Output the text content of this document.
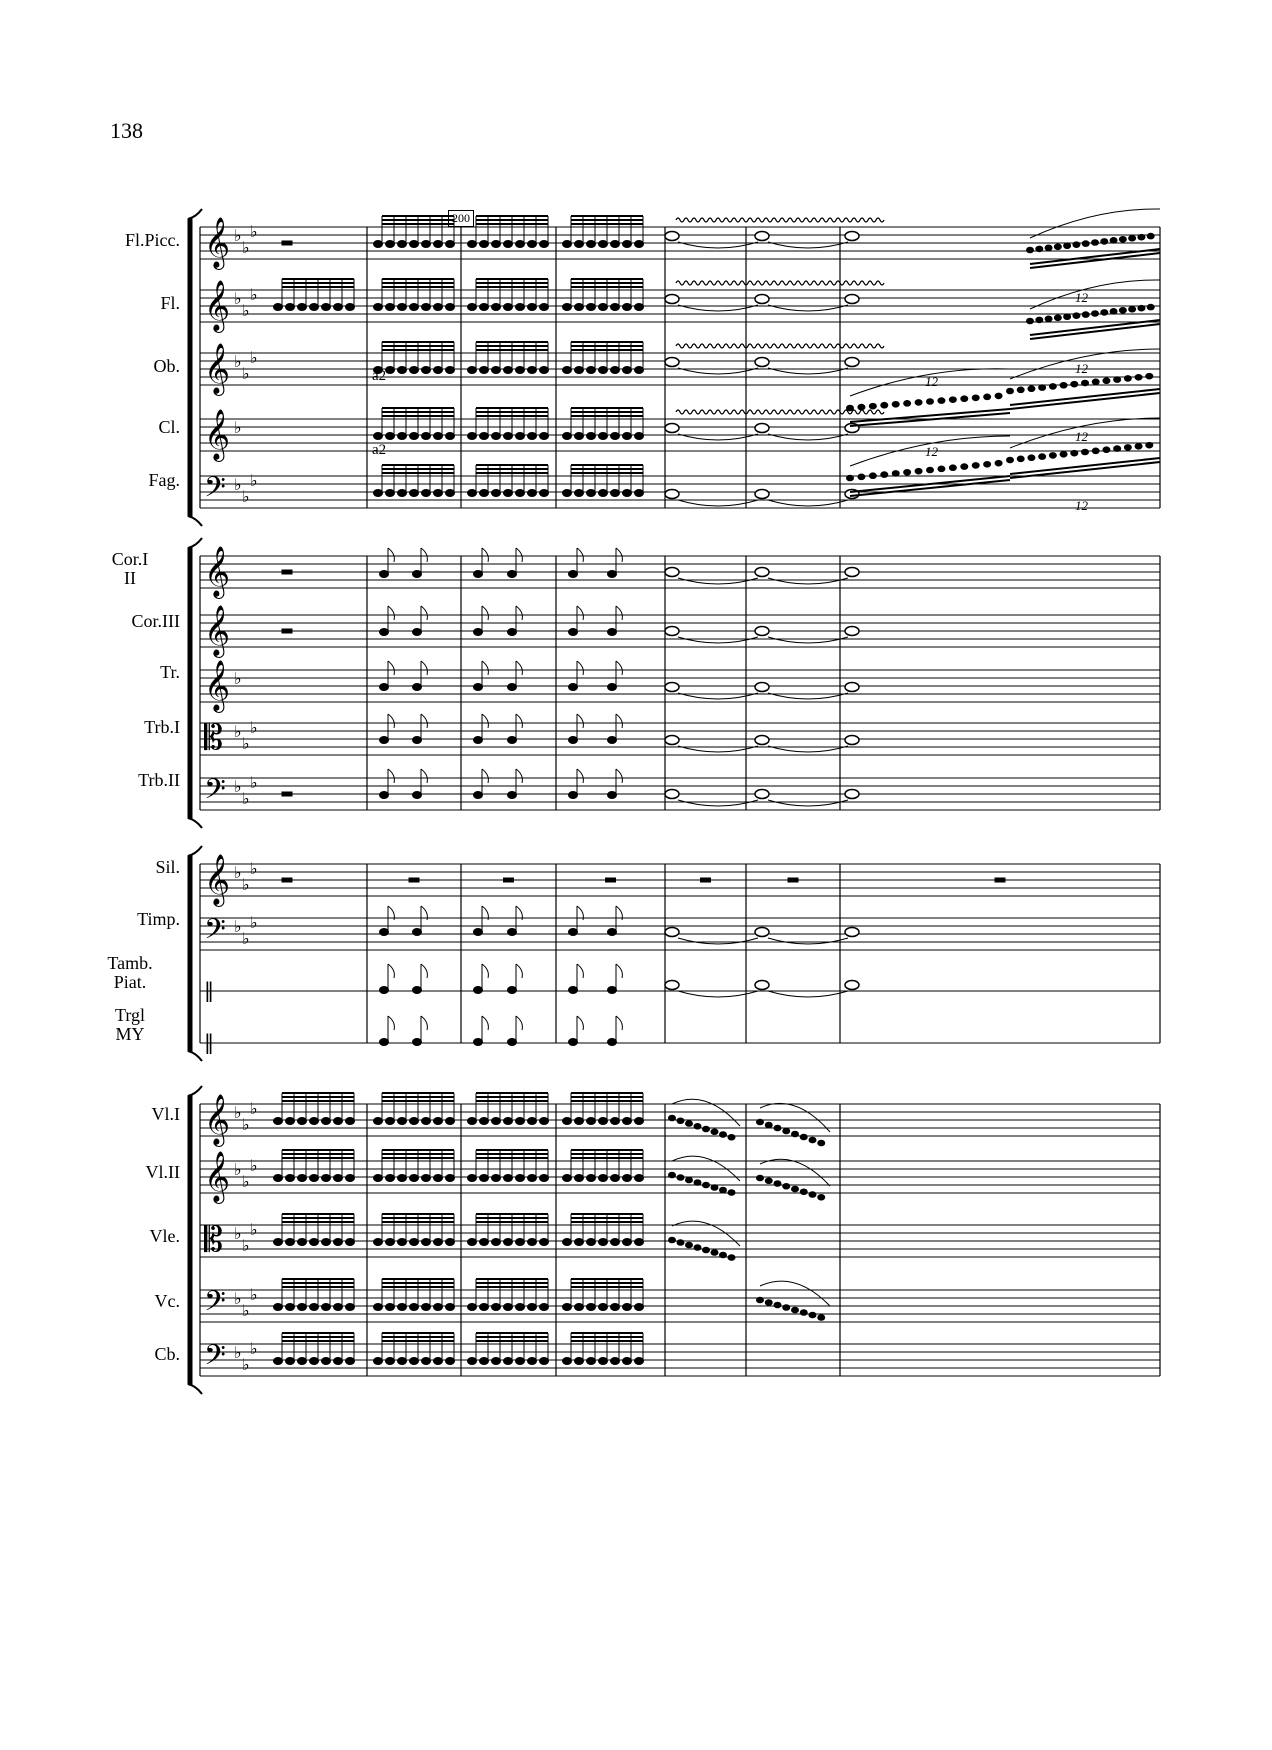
138
200
Fl.Picc.
Fl.
Ob.
Cl.
Fag.
Cor.I
II
Cor.III
Tr.
Trb.I
Trb.II
Sil.
Timp.
Tamb.
Piat.
Trgl
MY
Vl.I
Vl.II
Vle.
Vc.
Cb.
𝄞 ♭
♭
♭
𝄞 ♭
♭
♭
𝄞 ♭
♭
♭
𝄞 ♭
𝄢 ♭
♭
♭
𝄞
𝄞
𝄞 ♭
𝄡 ♭
♭
♭
𝄢 ♭
♭
♭
𝄞 ♭
♭
♭
𝄢 ♭
♭
♭
‖
‖
𝄞 ♭
♭
♭
𝄞 ♭
♭
♭
𝄡 ♭
♭
♭
𝄢 ♭
♭
♭
𝄢 ♭
♭
♭
a2
a2
12
12
12
12
12
12
